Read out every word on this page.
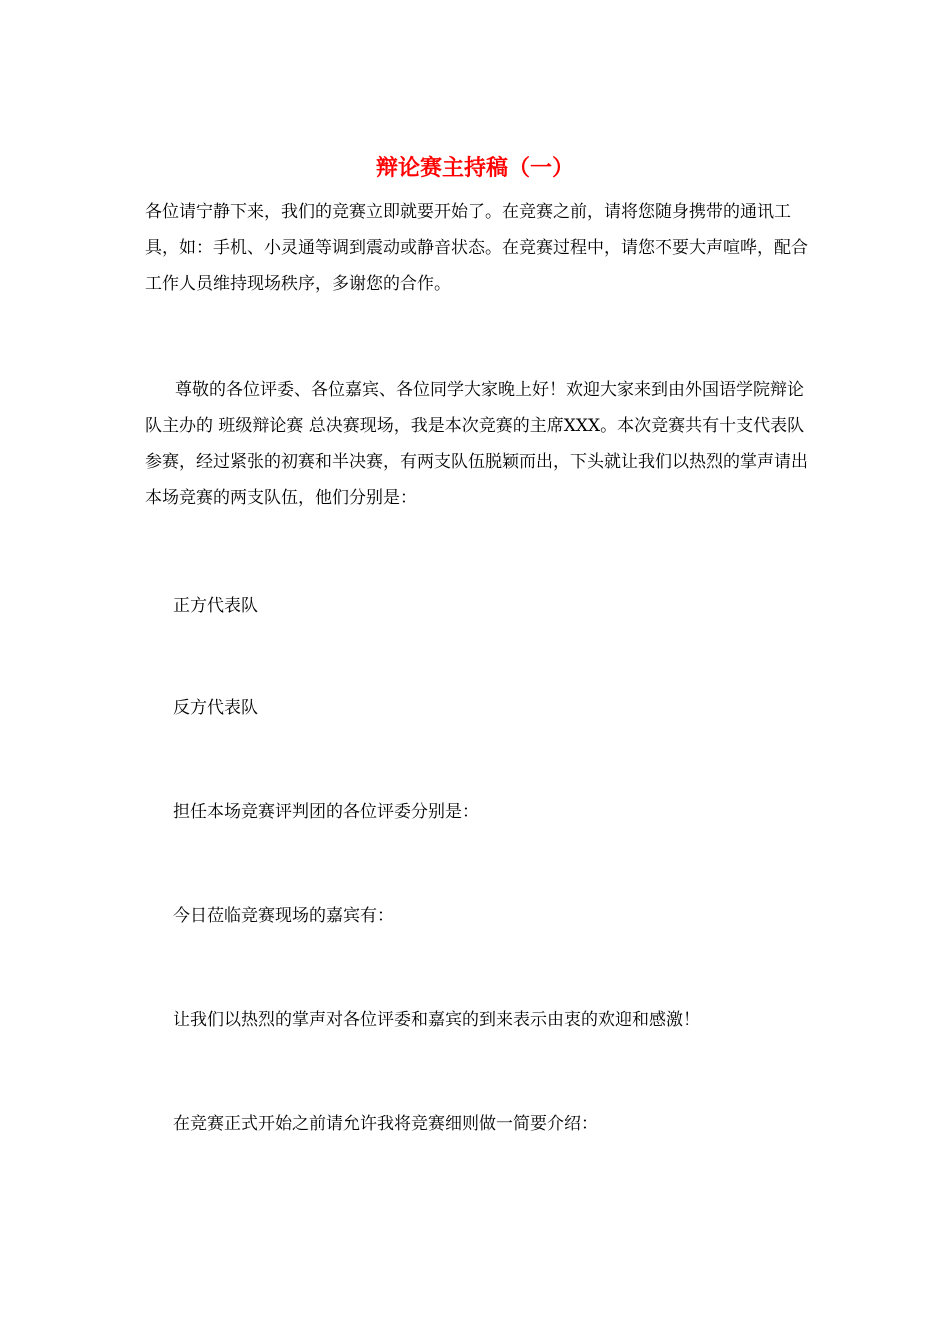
辩论赛主持稿（一）

各位请宁静下来，我们的竞赛立即就要开始了。在竞赛之前，请将您随身携带的通讯工具，如：手机、小灵通等调到震动或静音状态。在竞赛过程中，请您不要大声喧哗，配合工作人员维持现场秩序，多谢您的合作。

尊敬的各位评委、各位嘉宾、各位同学大家晚上好！欢迎大家来到由外国语学院辩论队主办的 班级辩论赛 总决赛现场，我是本次竞赛的主席XXX。本次竞赛共有十支代表队参赛，经过紧张的初赛和半决赛，有两支队伍脱颖而出，下头就让我们以热烈的掌声请出本场竞赛的两支队伍，他们分别是：

正方代表队
反方代表队
担任本场竞赛评判团的各位评委分别是：
今日莅临竞赛现场的嘉宾有：
让我们以热烈的掌声对各位评委和嘉宾的到来表示由衷的欢迎和感激！
在竞赛正式开始之前请允许我将竞赛细则做一简要介绍：
